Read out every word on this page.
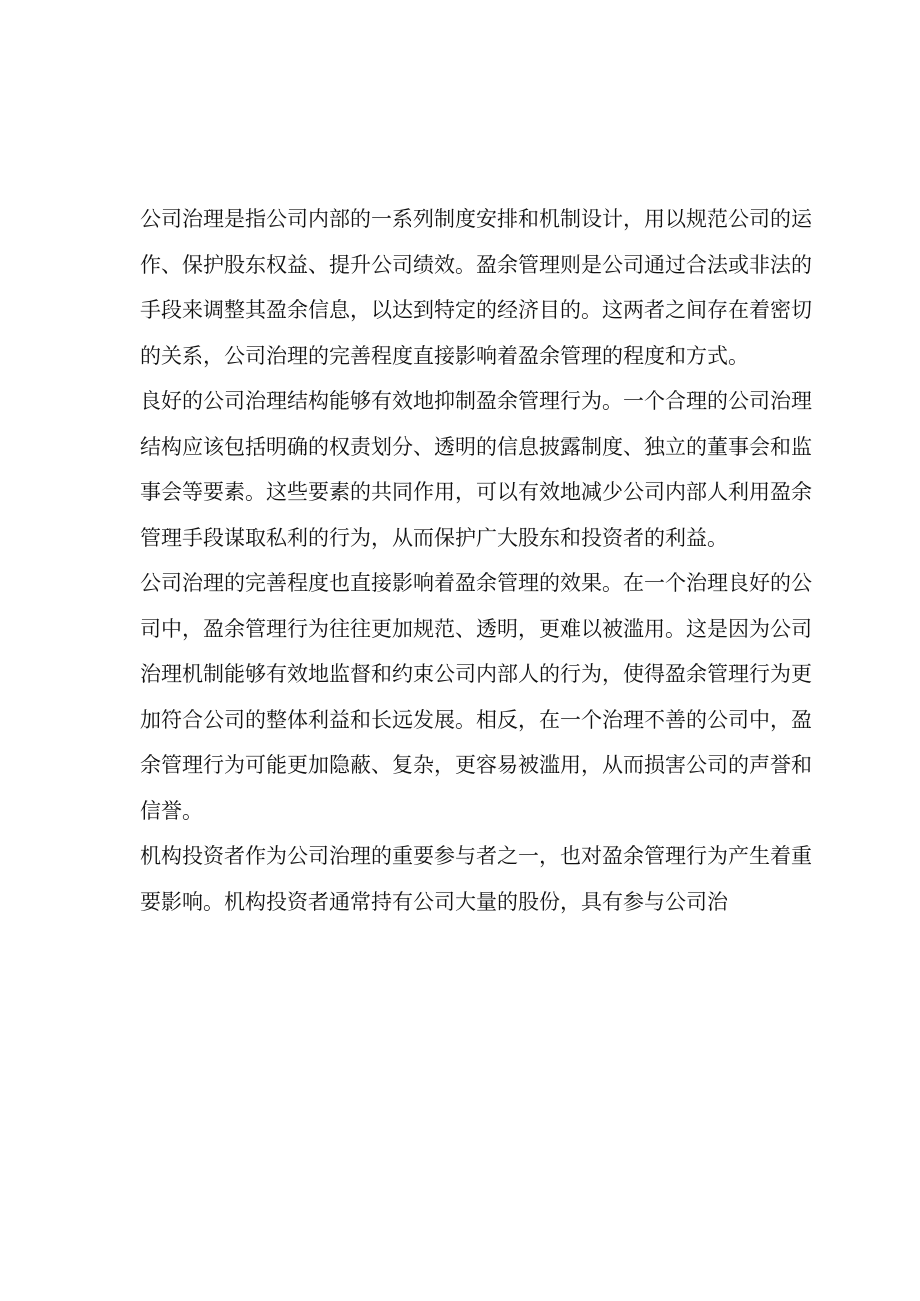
公司治理是指公司内部的一系列制度安排和机制设计，用以规范公司的运
作、保护股东权益、提升公司绩效。盈余管理则是公司通过合法或非法的
手段来调整其盈余信息，以达到特定的经济目的。这两者之间存在着密切
的关系，公司治理的完善程度直接影响着盈余管理的程度和方式。
良好的公司治理结构能够有效地抑制盈余管理行为。一个合理的公司治理
结构应该包括明确的权责划分、透明的信息披露制度、独立的董事会和监
事会等要素。这些要素的共同作用，可以有效地减少公司内部人利用盈余
管理手段谋取私利的行为，从而保护广大股东和投资者的利益。
公司治理的完善程度也直接影响着盈余管理的效果。在一个治理良好的公
司中，盈余管理行为往往更加规范、透明，更难以被滥用。这是因为公司
治理机制能够有效地监督和约束公司内部人的行为，使得盈余管理行为更
加符合公司的整体利益和长远发展。相反，在一个治理不善的公司中，盈
余管理行为可能更加隐蔽、复杂，更容易被滥用，从而损害公司的声誉和
信誉。
机构投资者作为公司治理的重要参与者之一，也对盈余管理行为产生着重
要影响。机构投资者通常持有公司大量的股份，具有参与公司治
